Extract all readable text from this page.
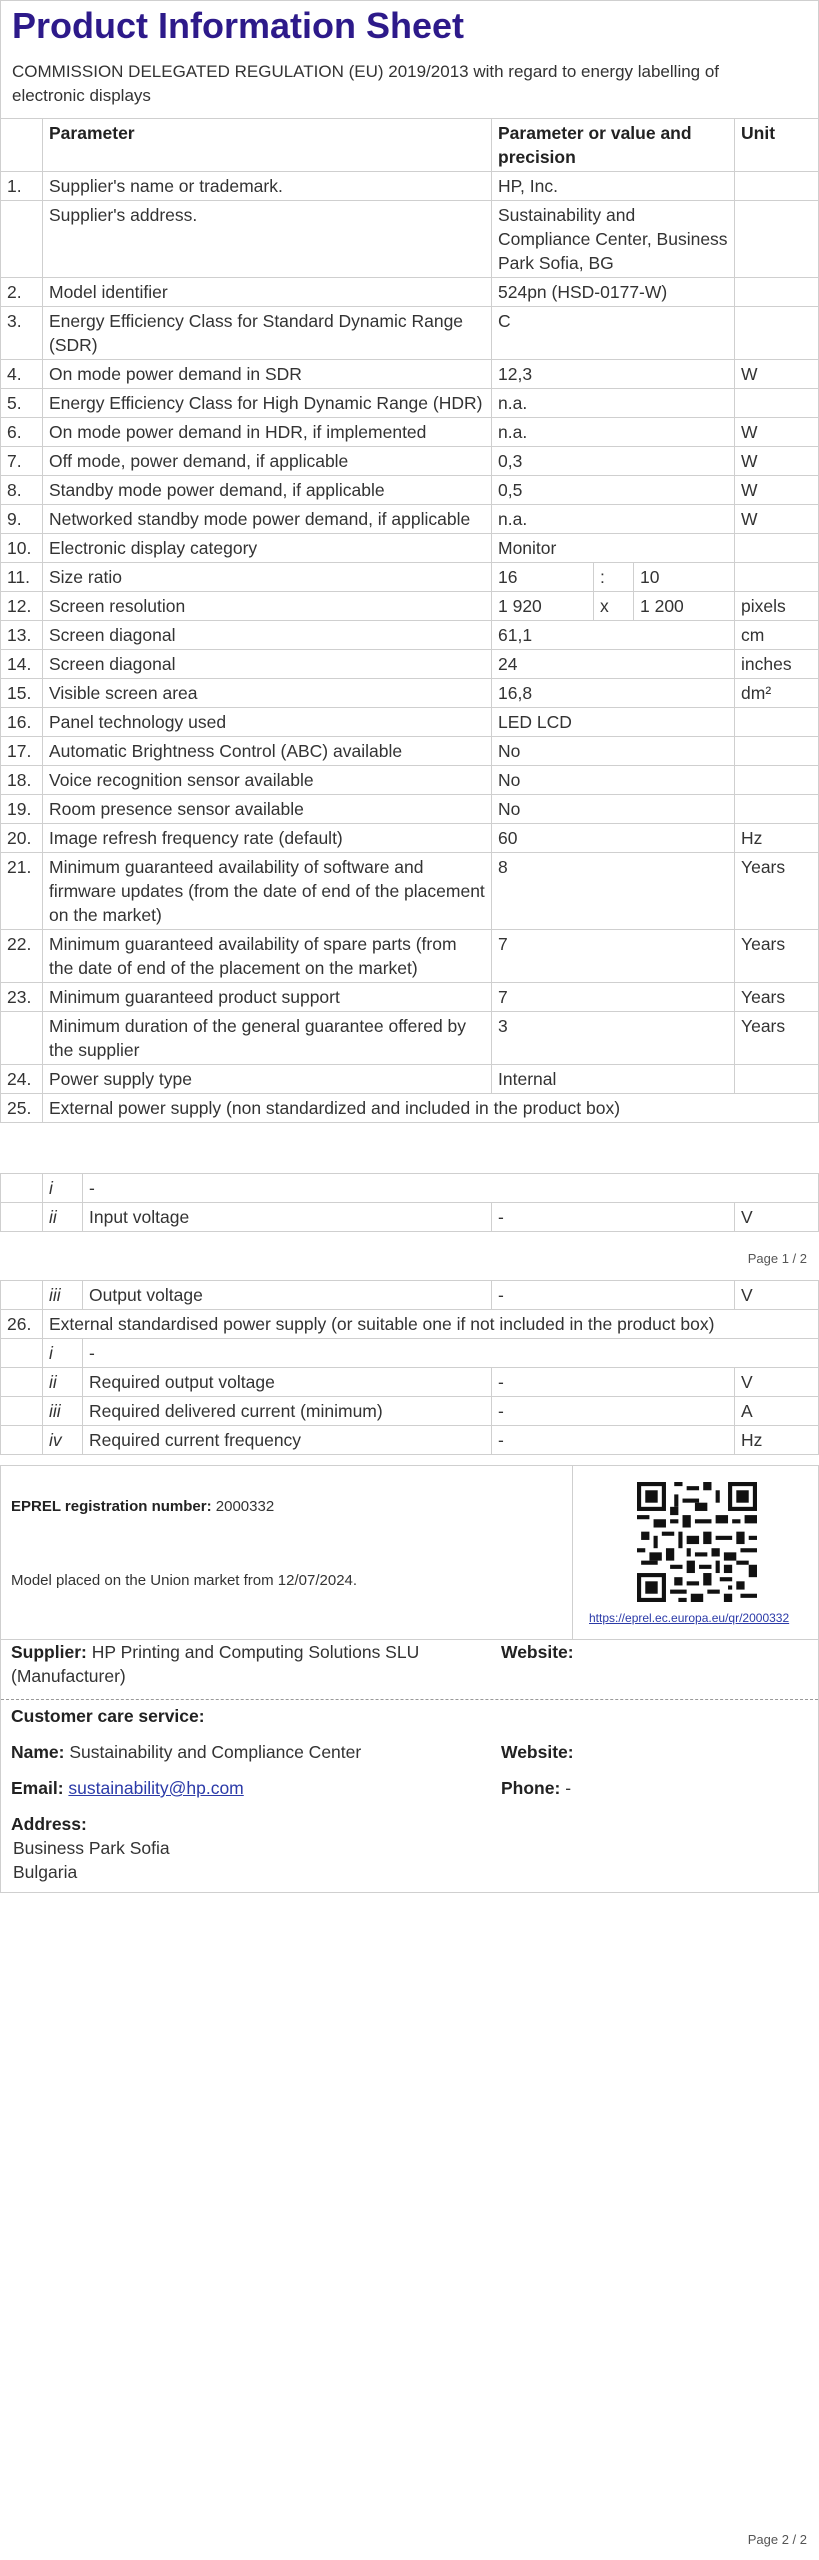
Product Information Sheet
COMMISSION DELEGATED REGULATION (EU) 2019/2013 with regard to energy labelling of electronic displays
	Parameter	Parameter or value and precision			Unit
1.	Supplier's name or trademark.	HP, Inc.			
	Supplier's address.	Sustainability and Compliance Center, Business Park Sofia, BG			
2.	Model identifier	524pn (HSD-0177-W)			
3.	Energy Efficiency Class for Standard Dynamic Range (SDR)	C			
4.	On mode power demand in SDR	12,3			W
5.	Energy Efficiency Class for High Dynamic Range (HDR)	n.a.			
6.	On mode power demand in HDR, if implemented	n.a.			W
7.	Off mode, power demand, if applicable	0,3			W
8.	Standby mode power demand, if applicable	0,5			W
9.	Networked standby mode power demand, if applicable	n.a.			W
10.	Electronic display category	Monitor			
11.	Size ratio	16	:	10	
12.	Screen resolution	1 920	x	1 200	pixels
13.	Screen diagonal	61,1			cm
14.	Screen diagonal	24			inches
15.	Visible screen area	16,8			dm²
16.	Panel technology used	LED LCD			
17.	Automatic Brightness Control (ABC) available	No			
18.	Voice recognition sensor available	No			
19.	Room presence sensor available	No			
20.	Image refresh frequency rate (default)	60			Hz
21.	Minimum guaranteed availability of software and firmware updates (from the date of end of the placement on the market)	8			Years
22.	Minimum guaranteed availability of spare parts (from the date of end of the placement on the market)	7			Years
23.	Minimum guaranteed product support	7			Years
	Minimum duration of the general guarantee offered by the supplier	3			Years
24.	Power supply type	Internal			
25.	External power supply (non standardized and included in the product box)				
	i	-		
	ii	Input voltage	-	V
Page 1 / 2
	iii	Output voltage	-	V
26.	External standardised power supply (or suitable one if not included in the product box)			
	i	-		
	ii	Required output voltage	-	V
	iii	Required delivered current (minimum)	-	A
	iv	Required current frequency	-	Hz
EPREL registration number: 2000332
Model placed on the Union market from 12/07/2024.
https://eprel.ec.europa.eu/qr/2000332
Supplier: HP Printing and Computing Solutions SLU (Manufacturer)
Website:
Customer care service:
Name: Sustainability and Compliance Center	Website:
Email: sustainability@hp.com	Phone: -
Address:
Business Park Sofia
Bulgaria
Page 2 / 2
